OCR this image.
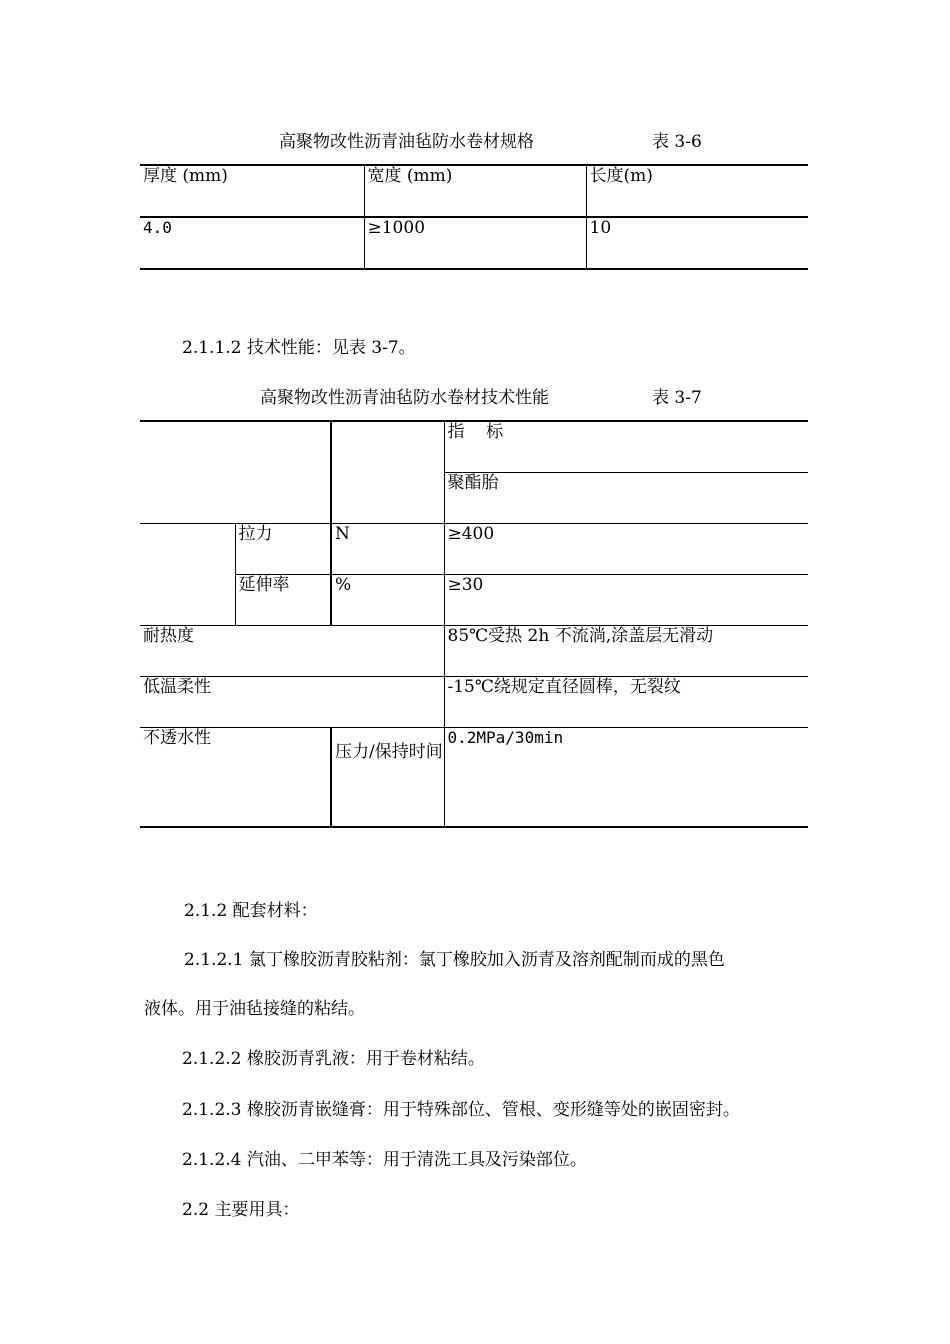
高聚物改性沥青油毡防水卷材规格	表 3-6
厚度 (mm)	宽度 (mm)	长度(m)
4.0	≥1000	10
2.1.1.2 技术性能：见表 3-7。
高聚物改性沥青油毡防水卷材技术性能	表 3-7
			指    标
			聚酯胎
	拉力	N	≥400
	延伸率	%	≥30
耐热度			85℃受热 2h 不流淌,涂盖层无滑动
低温柔性			-15℃绕规定直径圆棒，无裂纹
不透水性		压力/保持时间	0.2MPa/30min
2.1.2 配套材料：
2.1.2.1 氯丁橡胶沥青胶粘剂：氯丁橡胶加入沥青及溶剂配制而成的黑色
液体。用于油毡接缝的粘结。
2.1.2.2 橡胶沥青乳液：用于卷材粘结。
2.1.2.3 橡胶沥青嵌缝膏：用于特殊部位、管根、变形缝等处的嵌固密封。
2.1.2.4 汽油、二甲苯等：用于清洗工具及污染部位。
2.2 主要用具：
